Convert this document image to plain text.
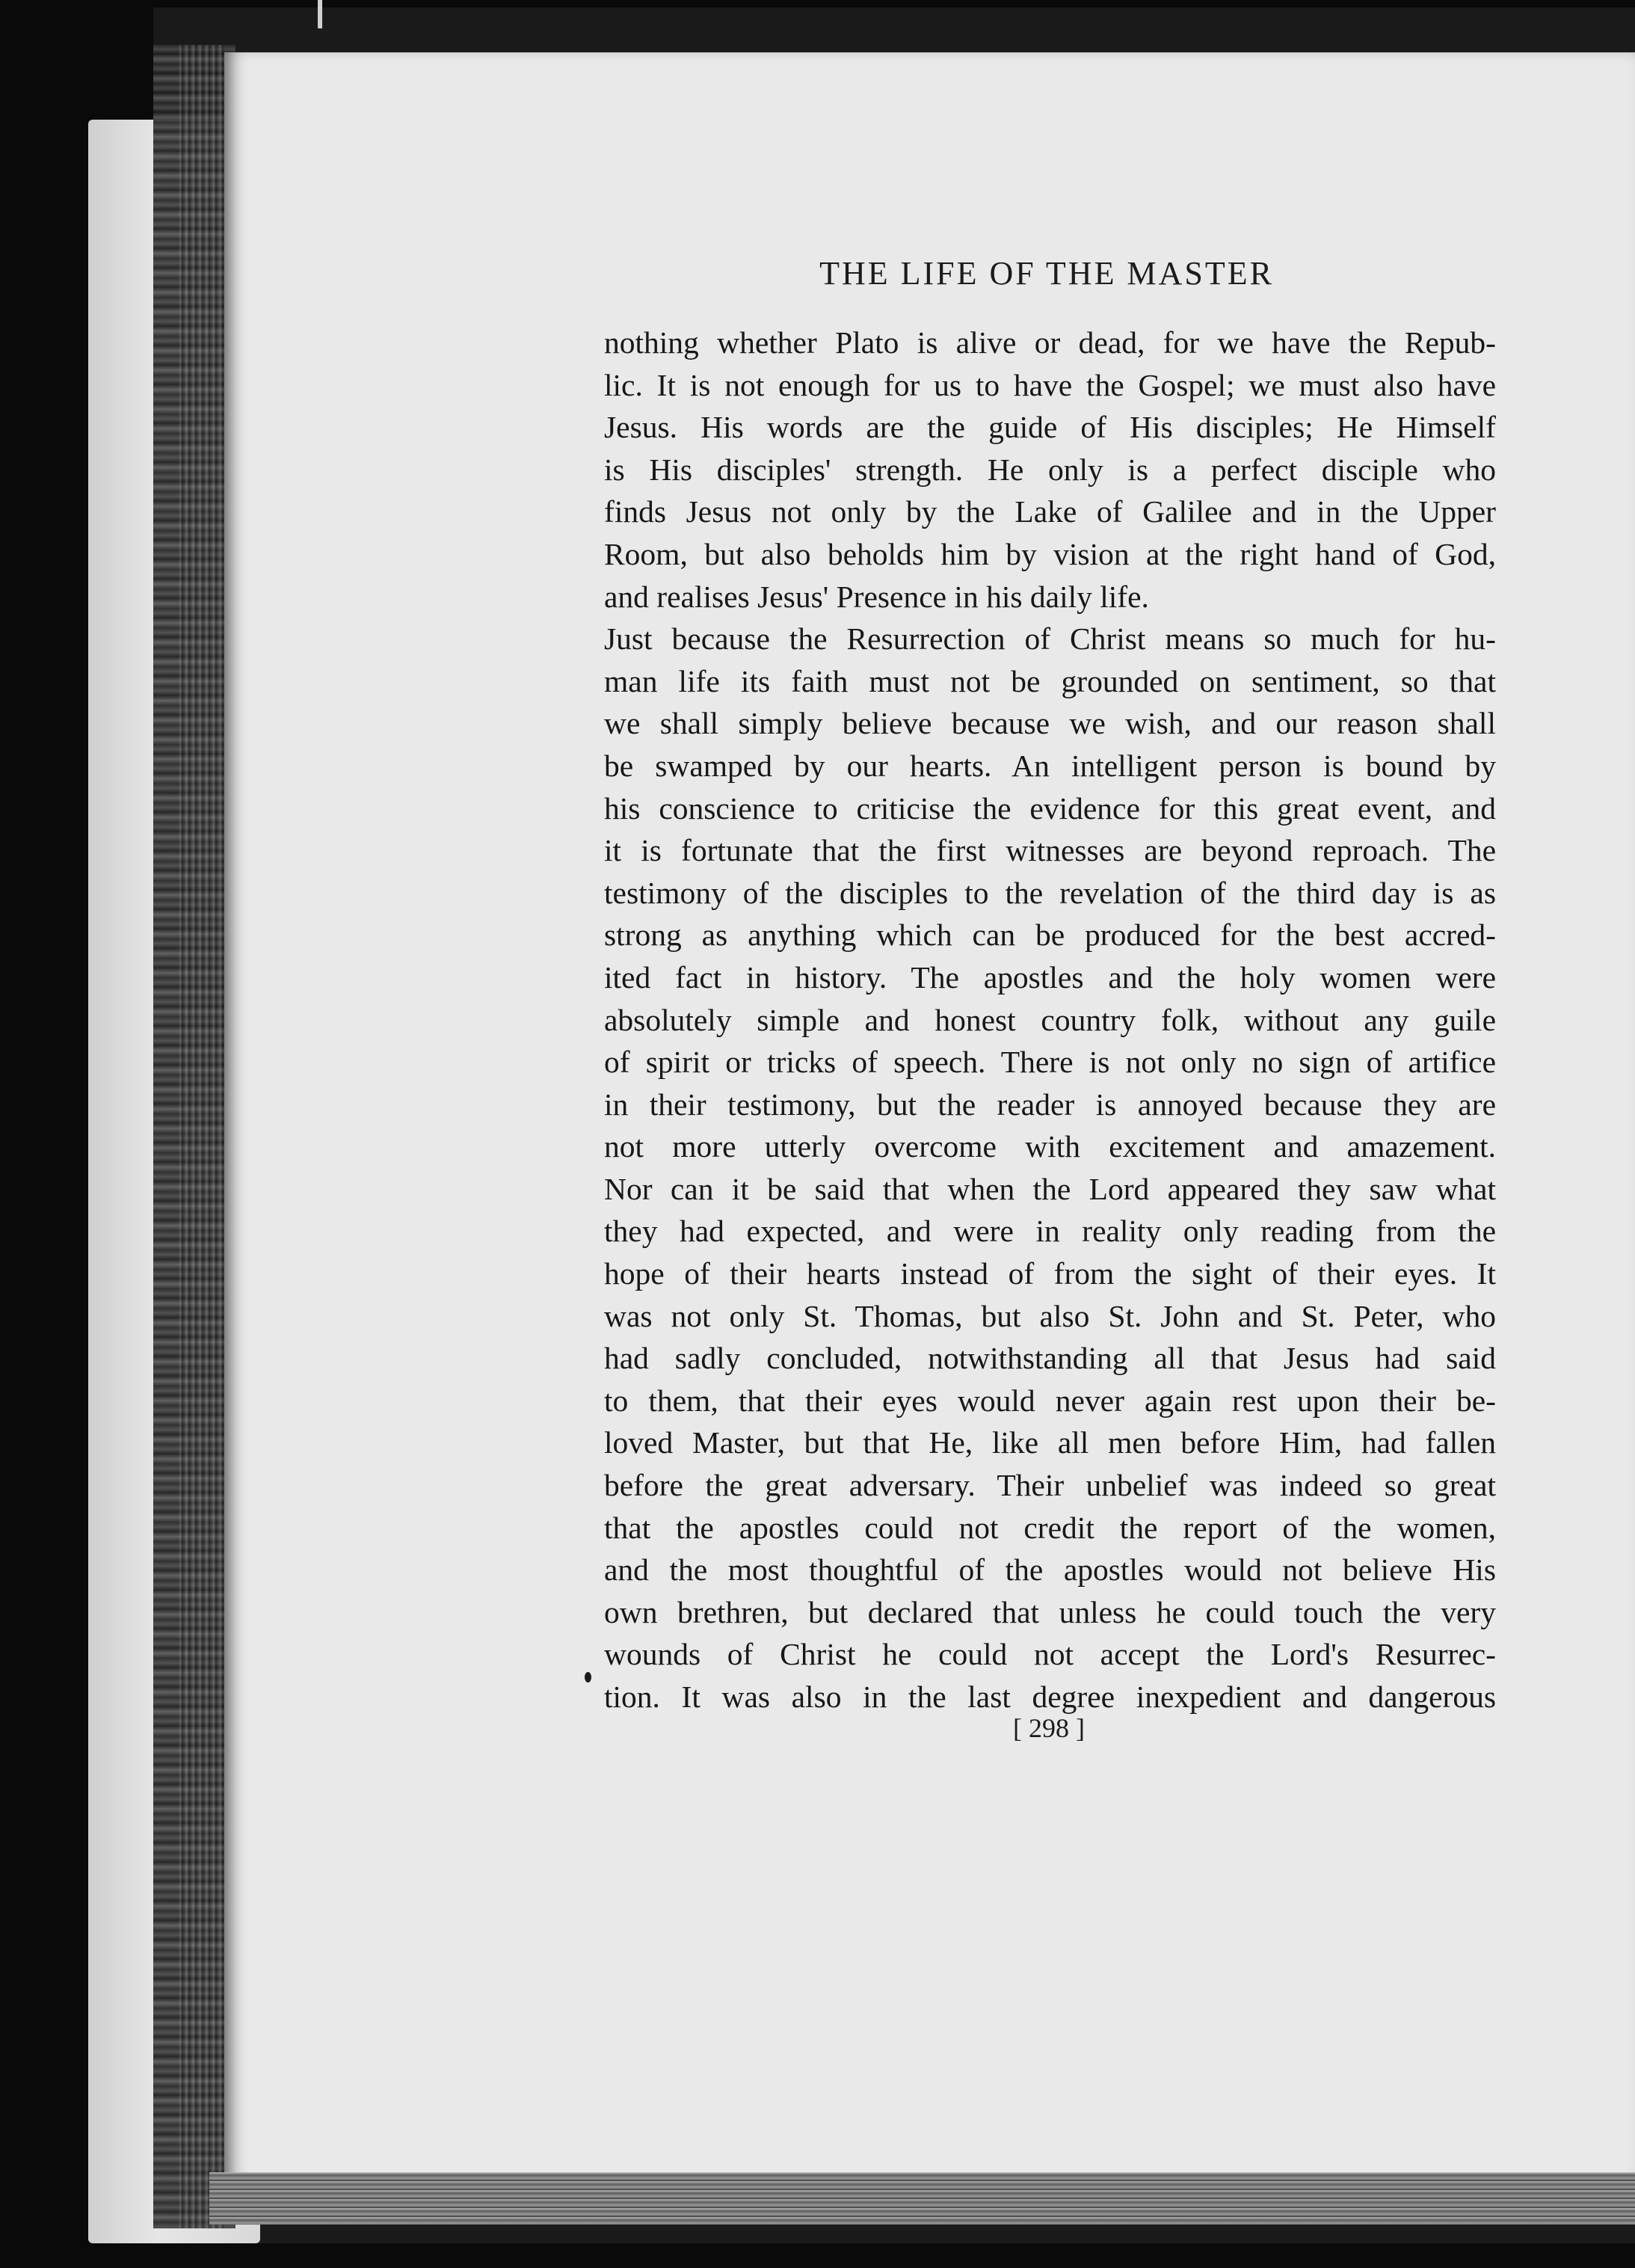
THE LIFE OF THE MASTER
nothing whether Plato is alive or dead, for we have the Repub-
lic. It is not enough for us to have the Gospel; we must also have
Jesus. His words are the guide of His disciples; He Himself
is His disciples' strength. He only is a perfect disciple who
finds Jesus not only by the Lake of Galilee and in the Upper
Room, but also beholds him by vision at the right hand of God,
and realises Jesus' Presence in his daily life.
Just because the Resurrection of Christ means so much for hu-
man life its faith must not be grounded on sentiment, so that
we shall simply believe because we wish, and our reason shall
be swamped by our hearts. An intelligent person is bound by
his conscience to criticise the evidence for this great event, and
it is fortunate that the first witnesses are beyond reproach. The
testimony of the disciples to the revelation of the third day is as
strong as anything which can be produced for the best accred-
ited fact in history. The apostles and the holy women were
absolutely simple and honest country folk, without any guile
of spirit or tricks of speech. There is not only no sign of artifice
in their testimony, but the reader is annoyed because they are
not more utterly overcome with excitement and amazement.
Nor can it be said that when the Lord appeared they saw what
they had expected, and were in reality only reading from the
hope of their hearts instead of from the sight of their eyes. It
was not only St. Thomas, but also St. John and St. Peter, who
had sadly concluded, notwithstanding all that Jesus had said
to them, that their eyes would never again rest upon their be-
loved Master, but that He, like all men before Him, had fallen
before the great adversary. Their unbelief was indeed so great
that the apostles could not credit the report of the women,
and the most thoughtful of the apostles would not believe His
own brethren, but declared that unless he could touch the very
wounds of Christ he could not accept the Lord's Resurrec-
tion. It was also in the last degree inexpedient and dangerous
[ 298 ]
